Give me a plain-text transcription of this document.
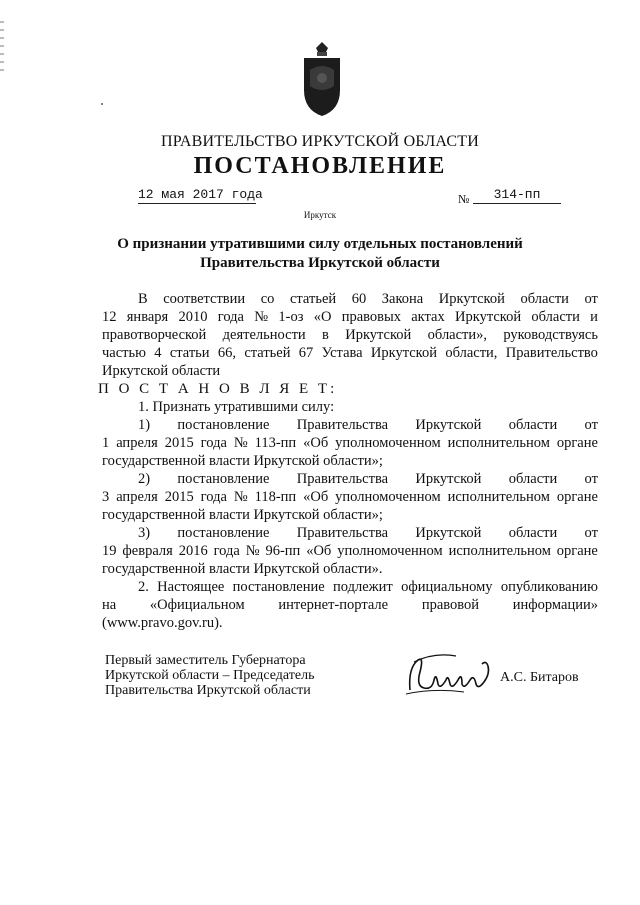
ПРАВИТЕЛЬСТВО ИРКУТСКОЙ ОБЛАСТИ
ПОСТАНОВЛЕНИЕ
12 мая 2017 года	№	314-пп
Иркутск
О признании утратившими силу отдельных постановлений
Правительства Иркутской области
В соответствии со статьей 60 Закона Иркутской области от
12 января 2010 года № 1-оз «О правовых актах Иркутской области и
правотворческой деятельности в Иркутской области», руководствуясь
частью 4 статьи 66, статьей 67 Устава Иркутской области, Правительство
Иркутской области
П О С Т А Н О В Л Я Е Т:
1. Признать утратившими силу:
1) постановление Правительства Иркутской области от
1 апреля 2015 года № 113-пп «Об уполномоченном исполнительном органе
государственной власти Иркутской области»;
2) постановление Правительства Иркутской области от
3 апреля 2015 года № 118-пп «Об уполномоченном исполнительном органе
государственной власти Иркутской области»;
3) постановление Правительства Иркутской области от
19 февраля 2016 года № 96-пп «Об уполномоченном исполнительном органе
государственной власти Иркутской области».
2. Настоящее постановление подлежит официальному опубликованию
на «Официальном интернет-портале правовой информации»
(www.pravo.gov.ru).
Первый заместитель Губернатора
Иркутской области – Председатель
Правительства Иркутской области
А.С. Битаров
